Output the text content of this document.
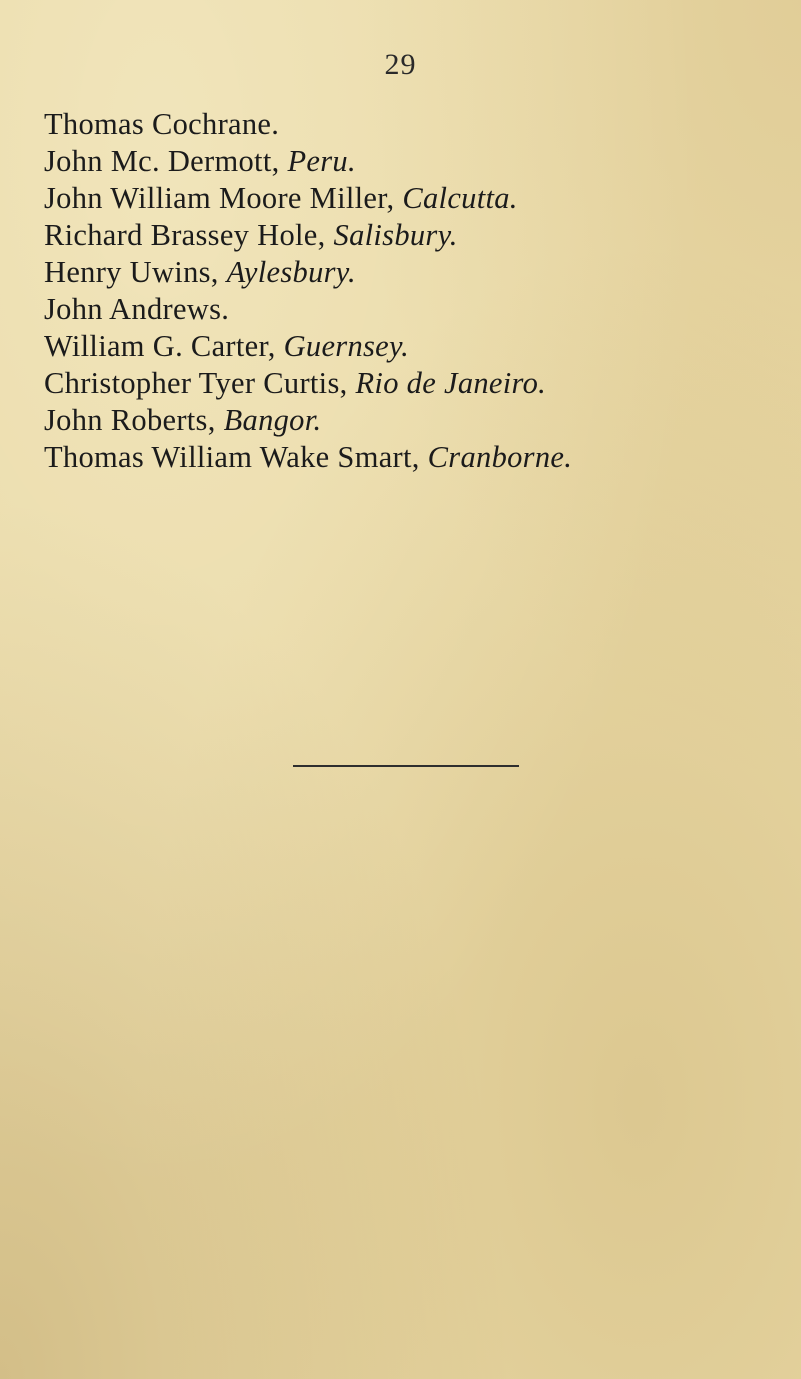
29
Thomas Cochrane.
John Mc. Dermott, Peru.
John William Moore Miller, Calcutta.
Richard Brassey Hole, Salisbury.
Henry Uwins, Aylesbury.
John Andrews.
William G. Carter, Guernsey.
Christopher Tyer Curtis, Rio de Janeiro.
John Roberts, Bangor.
Thomas William Wake Smart, Cranborne.
